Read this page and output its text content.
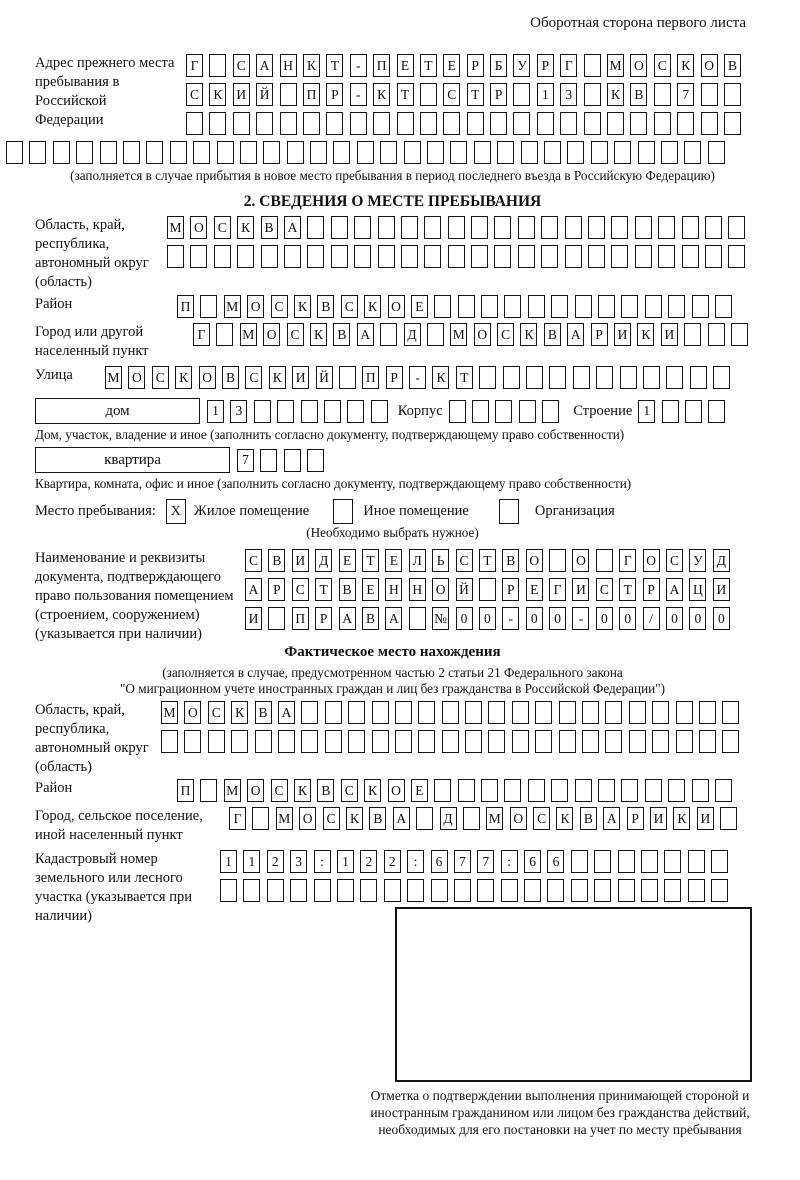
Оборотная сторона первого листа
Адрес прежнего места пребывания в Российской Федерации
Г	С А Н К	Т	-	П	Е	Т	Е	Р	Б	У	Р	Г	М О С К О В
С К И Й	П	Р	-	К	Т	С	Т	Р	1	3	К В	7
(заполняется в случае прибытия в новое место пребывания в период последнего въезда в Российскую Федерацию)
2. СВЕДЕНИЯ О МЕСТЕ ПРЕБЫВАНИЯ
Область, край, республика, автономный округ (область)
М О С К В А
Район	П	М О С К В С К О	Е
Город или другой населенный пункт
Г	М О С К В А	Д	М О С К В А	Р	И К И
Улица	М О С К О В С К И Й	П	Р	-	К	Т
дом	1	3	Корпус	Строение 1
Дом, участок, владение и иное (заполнить согласно документу, подтверждающему право собственности)
квартира	7
Квартира, комната, офис и иное (заполнить согласно документу, подтверждающему право собственности)
Место пребывания:	X Жилое помещение	Иное помещение	Организация
(Необходимо выбрать нужное)
Наименование и реквизиты документа, подтверждающего право пользования помещением (строением, сооружением) (указывается при наличии)
С В И Д	Е	Т	Е	Л	Ь	С	Т	В О	О	Г	О С У Д
А	Р	С	Т	В	Е	Н Н О Й	Р	Е	Г	И С	Т	Р	А Ц И
И	П	Р	А В А	№	0	0	-	0	0	-	0	0	/	0	0	0
Фактическое место нахождения
(заполняется в случае, предусмотренном частью 2 статьи 21 Федерального закона
"О миграционном учете иностранных граждан и лиц без гражданства в Российской Федерации")
Область, край, республика, автономный округ (область)
М О С К В А
Район	П	М О С К В С К О	Е
Город, сельское поселение, иной населенный пункт
Г	М О С К В А	Д	М О С К В А	Р	И К И
Кадастровый номер земельного или лесного участка (указывается при наличии)
1	1	2	3	:	1	2	2	:	6	7	7	:	6	6
Отметка о подтверждении выполнения принимающей стороной и иностранным гражданином или лицом без гражданства действий, необходимых для его постановки на учет по месту пребывания
